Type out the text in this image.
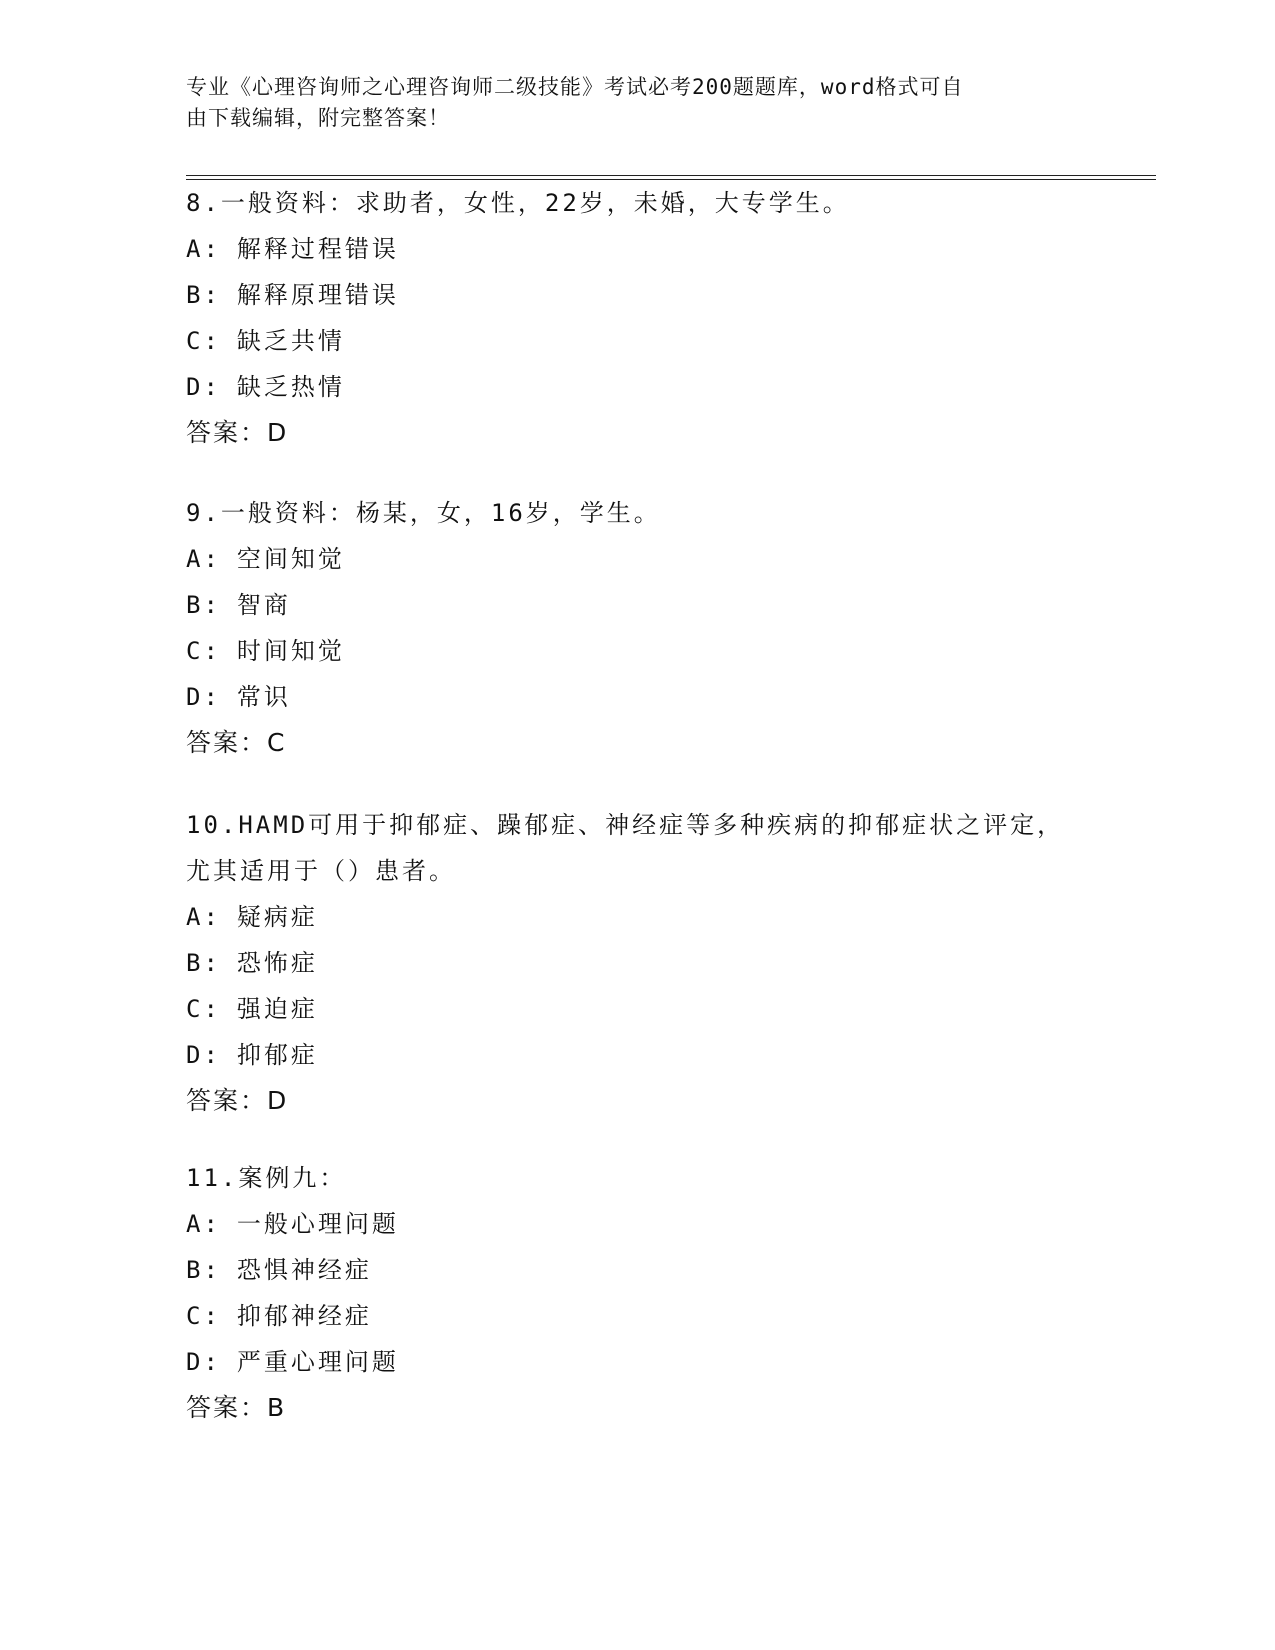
专业《心理咨询师之心理咨询师二级技能》考试必考200题题库，word格式可自
由下载编辑，附完整答案！

8.一般资料：求助者，女性，22岁，未婚，大专学生。

A: 解释过程错误

B: 解释原理错误

C: 缺乏共情

D: 缺乏热情

答案：D

9.一般资料：杨某，女，16岁，学生。

A: 空间知觉

B: 智商

C: 时间知觉

D: 常识

答案：C

10.HAMD可用于抑郁症、躁郁症、神经症等多种疾病的抑郁症状之评定，尤其适用于（）患者。

A: 疑病症

B: 恐怖症

C: 强迫症

D: 抑郁症

答案：D

11.案例九：

A: 一般心理问题

B: 恐惧神经症

C: 抑郁神经症

D: 严重心理问题

答案：B
